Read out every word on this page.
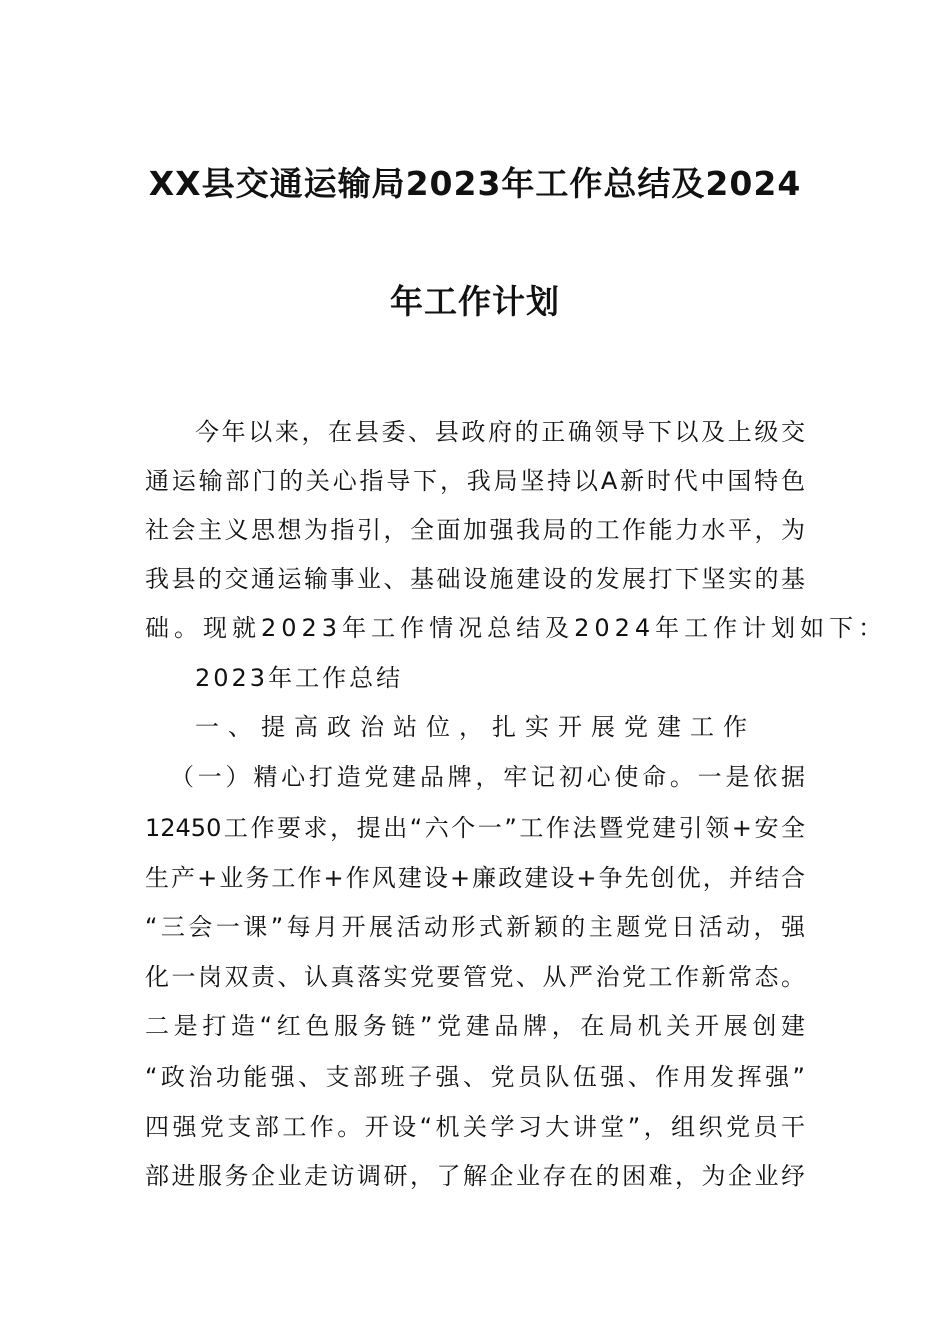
XX县交通运输局2023年工作总结及2024
年工作计划
今年以来，在县委、县政府的正确领导下以及上级交
通运输部门的关心指导下，我局坚持以A新时代中国特色
社会主义思想为指引，全面加强我局的工作能力水平，为
我县的交通运输事业、基础设施建设的发展打下坚实的基
础。现就2023年工作情况总结及2024年工作计划如下：
2023年工作总结
一、提高政治站位，扎实开展党建工作
（一）精心打造党建品牌，牢记初心使命。一是依据
12450工作要求，提出“六个一”工作法暨党建引领+安全
生产+业务工作+作风建设+廉政建设+争先创优，并结合
“三会一课”每月开展活动形式新颖的主题党日活动，强
化一岗双责、认真落实党要管党、从严治党工作新常态。
二是打造“红色服务链”党建品牌，在局机关开展创建
“政治功能强、支部班子强、党员队伍强、作用发挥强”
四强党支部工作。开设“机关学习大讲堂”，组织党员干
部进服务企业走访调研，了解企业存在的困难，为企业纾
